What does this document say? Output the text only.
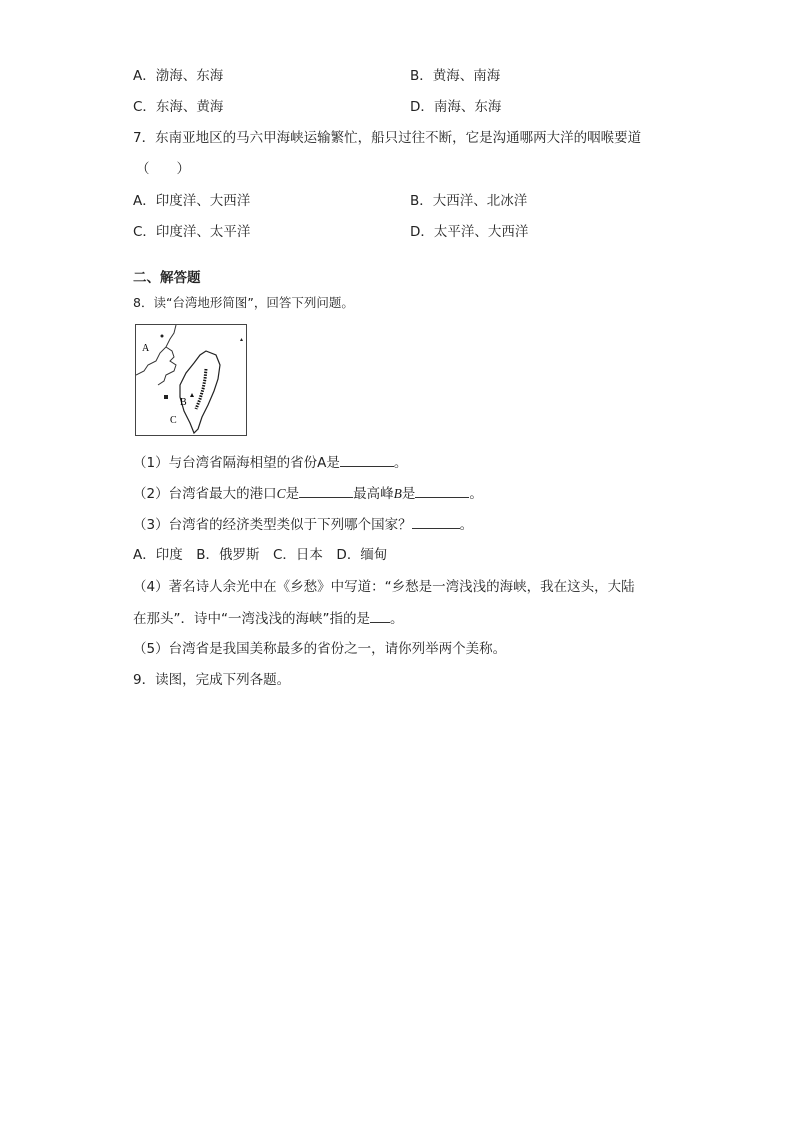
A．渤海、东海	B．黄海、南海
C．东海、黄海	D．南海、东海
7．东南亚地区的马六甲海峡运输繁忙，船只过往不断，它是沟通哪两大洋的咽喉要道
（　　）
A．印度洋、大西洋	B．大西洋、北冰洋
C．印度洋、太平洋	D．太平洋、大西洋
二、解答题
8．读“台湾地形简图”，回答下列问题。
A
B
C
（1）与台湾省隔海相望的省份A是	。
（2）台湾省最大的港口C是	最高峰B是	。
（3）台湾省的经济类型类似于下列哪个国家？	。
A．印度　B．俄罗斯　C．日本　D．缅甸
（4）著名诗人余光中在《乡愁》中写道：“乡愁是一湾浅浅的海峡，我在这头，大陆
在那头”．诗中“一湾浅浅的海峡”指的是 。
（5）台湾省是我国美称最多的省份之一，请你列举两个美称。
9．读图，完成下列各题。
